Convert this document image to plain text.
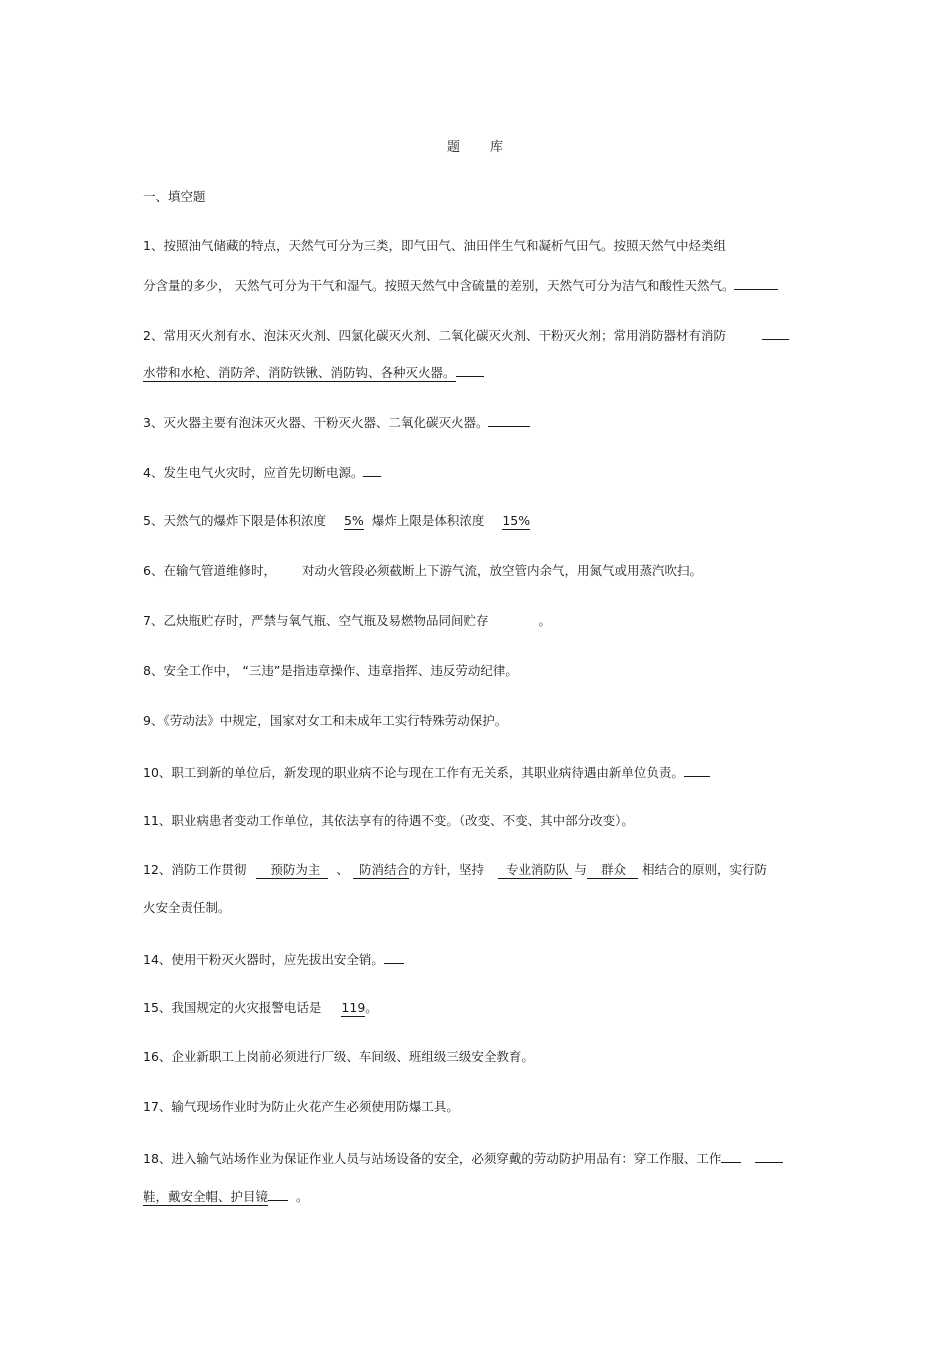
题 库
一、填空题
1、按照油气储藏的特点，天然气可分为三类，即气田气、油田伴生气和凝析气田气。按照天然气中烃类组
分含量的多少， 天然气可分为干气和湿气。按照天然气中含硫量的差别，天然气可分为洁气和酸性天然气。
2、常用灭火剂有水、泡沫灭火剂、四氯化碳灭火剂、二氧化碳灭火剂、干粉灭火剂；常用消防器材有消防
水带和水枪、消防斧、消防铁锹、消防钩、各种灭火器。
3、灭火器主要有泡沫灭火器、干粉灭火器、二氧化碳灭火器。
4、发生电气火灾时，应首先切断电源。
5、天然气的爆炸下限是体积浓度 5% 爆炸上限是体积浓度 15%
6、在输气管道维修时， 对动火管段必须截断上下游气流，放空管内余气，用氮气或用蒸汽吹扫。
7、乙炔瓶贮存时，严禁与氧气瓶、空气瓶及易燃物品同间贮存	。
8、安全工作中， “三违”是指违章操作、违章指挥、违反劳动纪律。
9、《劳动法》中规定，国家对女工和未成年工实行特殊劳动保护。
10、职工到新的单位后，新发现的职业病不论与现在工作有无关系，其职业病待遇由新单位负责。
11、职业病患者变动工作单位，其依法享有的待遇不变。（改变、不变、其中部分改变）。
12、消防工作贯彻 预防为主 、 防消结合的方针，坚持 专业消防队 与 群众 相结合的原则，实行防
火安全责任制。
14、使用干粉灭火器时，应先拔出安全销。
15、我国规定的火灾报警电话是 119。
16、企业新职工上岗前必须进行厂级、车间级、班组级三级安全教育。
17、输气现场作业时为防止火花产生必须使用防爆工具。
18、进入输气站场作业为保证作业人员与站场设备的安全，必须穿戴的劳动防护用品有：穿工作服、工作
鞋，戴安全帽、护目镜 。
